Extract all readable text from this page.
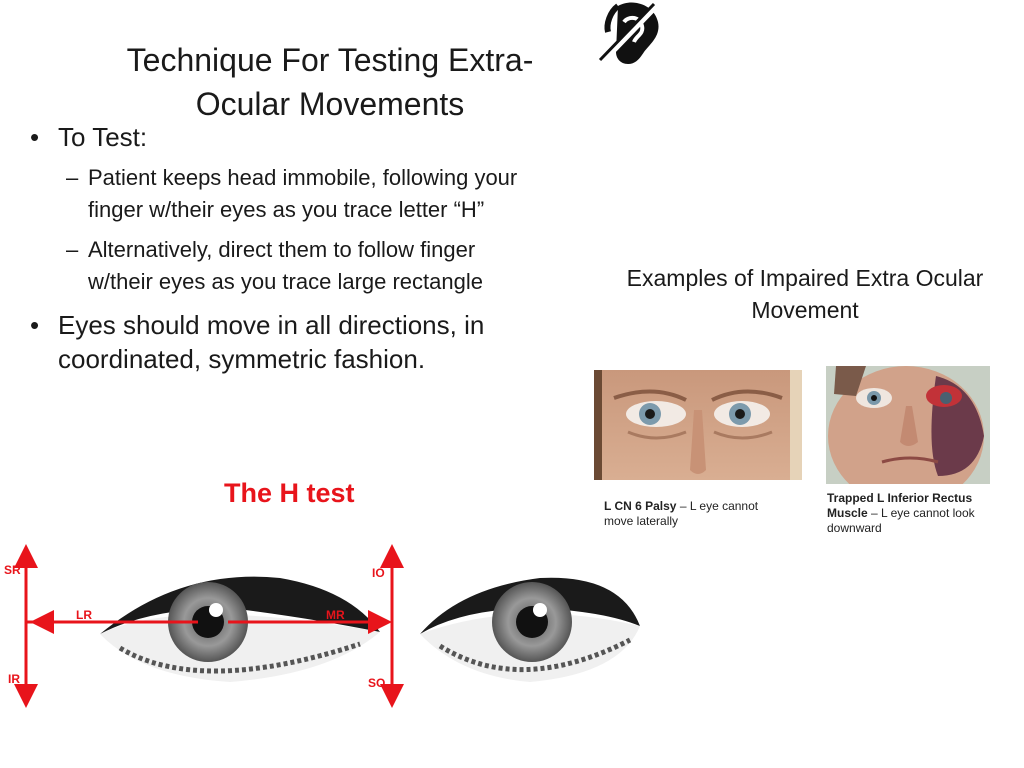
Technique For Testing Extra-
Ocular Movements
• To Test:
– Patient keeps head immobile, following your
finger w/their eyes as you trace letter “H”
– Alternatively, direct them to follow finger
w/their eyes as you trace large rectangle
• Eyes should move in all directions, in
coordinated, symmetric fashion.
Examples of Impaired Extra Ocular
Movement
L CN 6 Palsy – L eye cannot
move laterally
Trapped L Inferior Rectus
Muscle – L eye cannot look
downward
The H test
SR
IR
LR	MR
IO
SO
